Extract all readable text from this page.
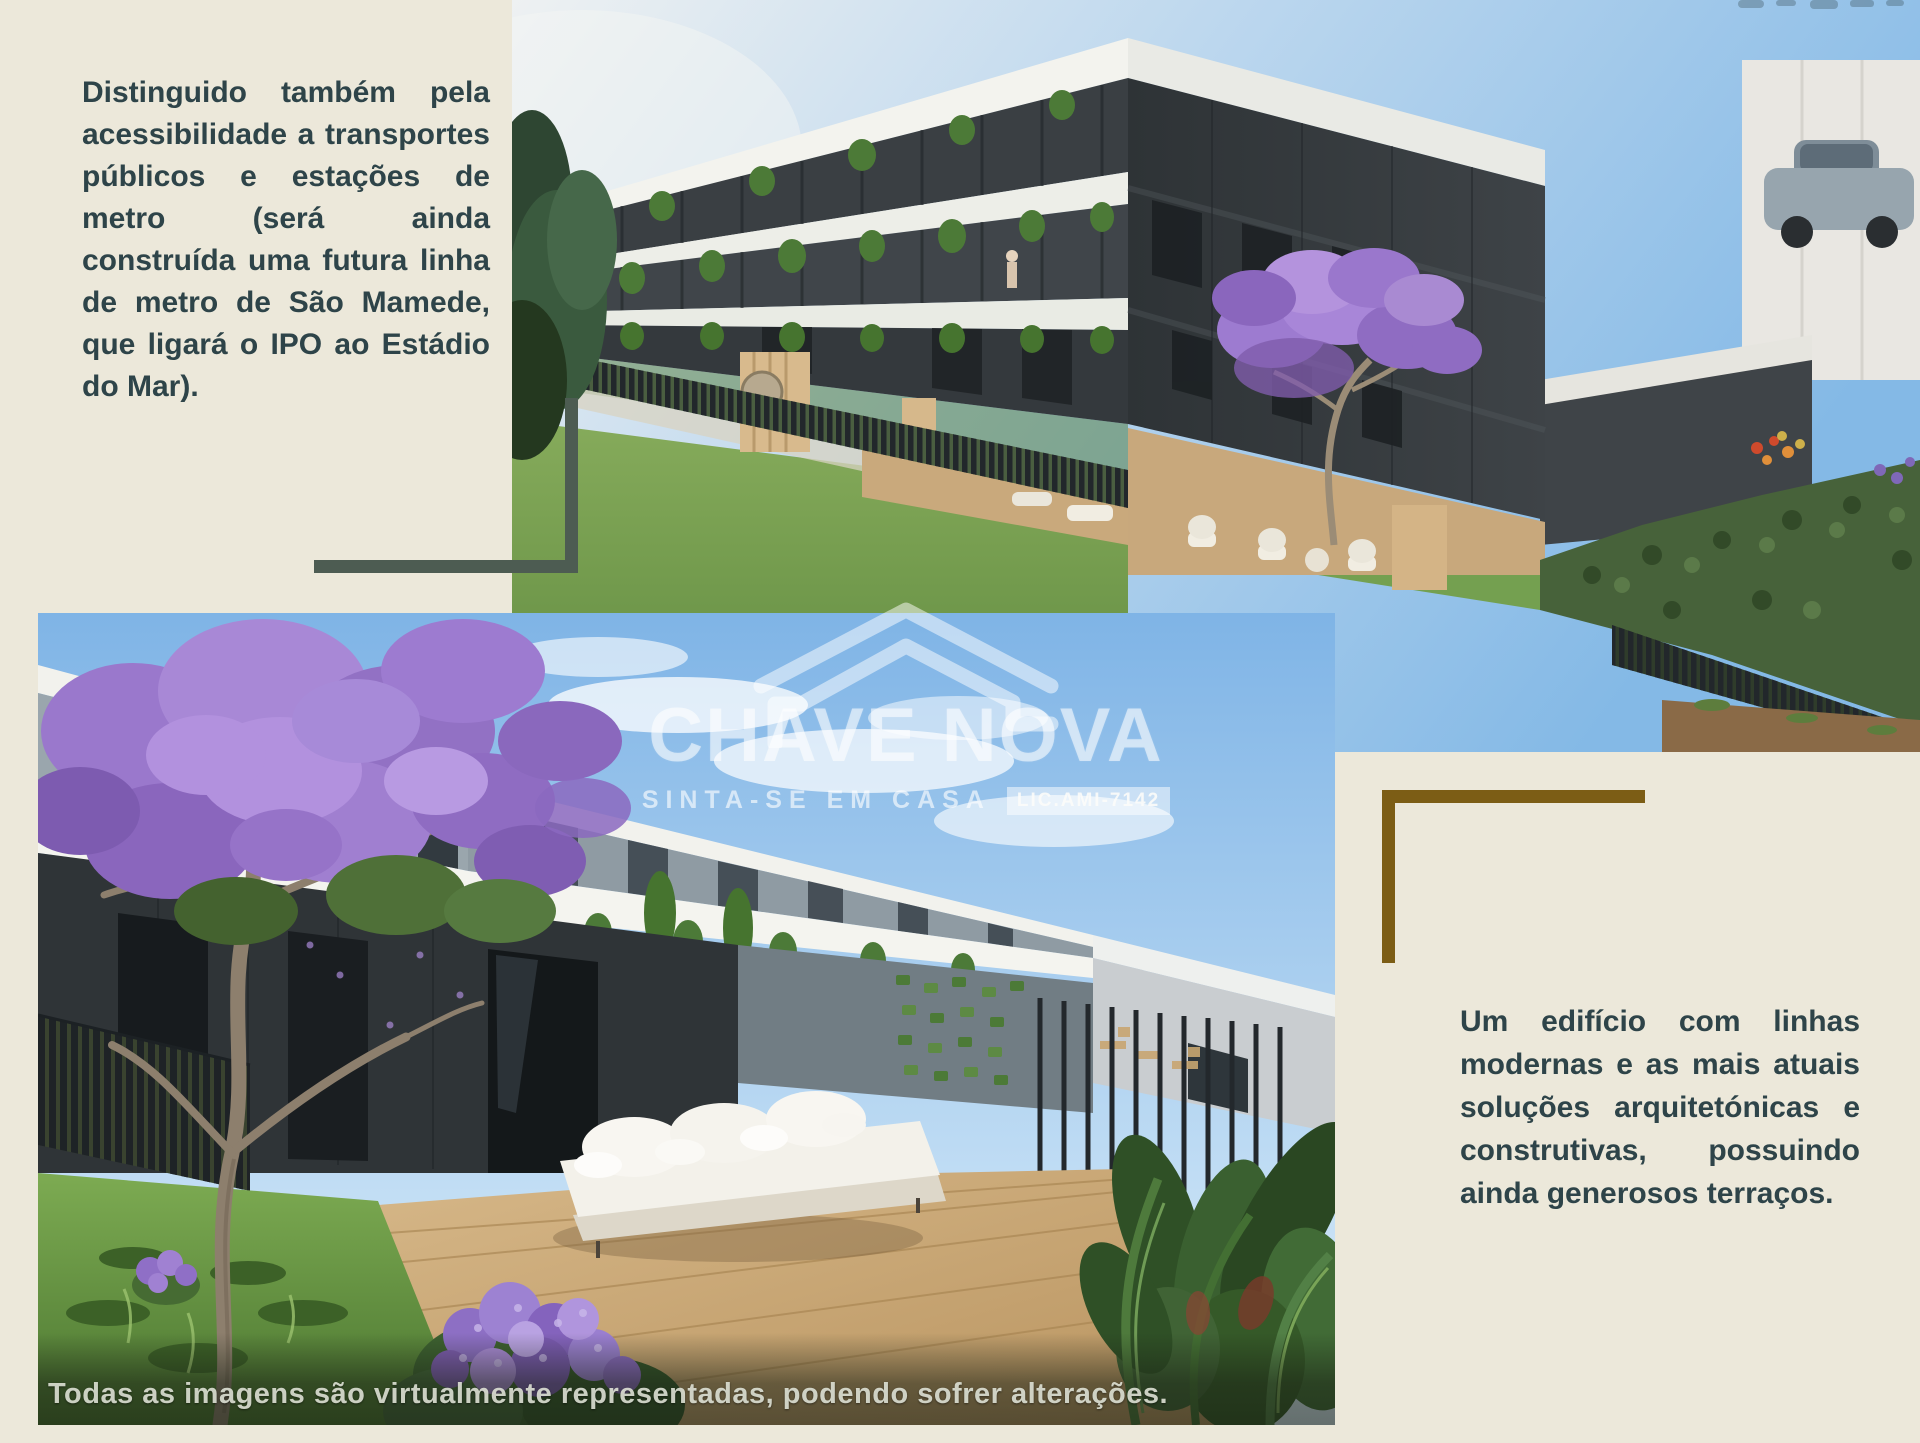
Todas as imagens são virtualmente representadas, podendo sofrer alterações.

Distinguido também pela acessibilidade a transportes públicos e estações de metro (será ainda construída uma futura linha de metro de São Mamede, que ligará o IPO ao Estádio do Mar).

Um edifício com linhas modernas e as mais atuais soluções arquitetónicas e construtivas, possuindo ainda generosos terraços.

CHAVE NOVA
SINTA-SE EM CASA	LIC.AMI-7142
